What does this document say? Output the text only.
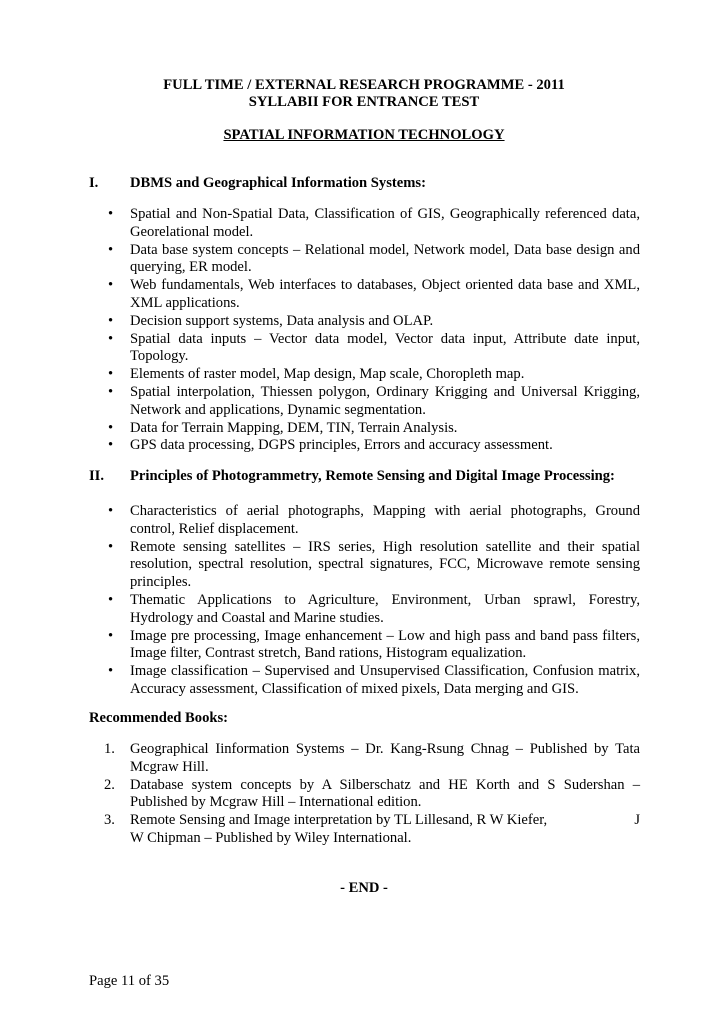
FULL TIME / EXTERNAL RESEARCH PROGRAMME - 2011
SYLLABII FOR ENTRANCE TEST
SPATIAL INFORMATION TECHNOLOGY
I. DBMS and Geographical Information Systems:
• Spatial and Non-Spatial Data, Classification of GIS, Geographically referenced data, Georelational model.
• Data base system concepts – Relational model, Network model, Data base design and querying, ER model.
• Web fundamentals, Web interfaces to databases, Object oriented data base and XML, XML applications.
• Decision support systems, Data analysis and OLAP.
• Spatial data inputs – Vector data model, Vector data input, Attribute date input, Topology.
• Elements of raster model, Map design, Map scale, Choropleth map.
• Spatial interpolation, Thiessen polygon, Ordinary Krigging and Universal Krigging, Network and applications, Dynamic segmentation.
• Data for Terrain Mapping, DEM, TIN, Terrain Analysis.
• GPS data processing, DGPS principles, Errors and accuracy assessment.
II. Principles of Photogrammetry, Remote Sensing and Digital Image Processing:
• Characteristics of aerial photographs, Mapping with aerial photographs, Ground control, Relief displacement.
• Remote sensing satellites – IRS series, High resolution satellite and their spatial resolution, spectral resolution, spectral signatures, FCC, Microwave remote sensing principles.
• Thematic Applications to Agriculture, Environment, Urban sprawl, Forestry, Hydrology and Coastal and Marine studies.
• Image pre processing, Image enhancement – Low and high pass and band pass filters, Image filter, Contrast stretch, Band rations, Histogram equalization.
• Image classification – Supervised and Unsupervised Classification, Confusion matrix, Accuracy assessment, Classification of mixed pixels, Data merging and GIS.
Recommended Books:
1. Geographical Iinformation Systems – Dr. Kang-Rsung Chnag – Published by Tata Mcgraw Hill.
2. Database system concepts by A Silberschatz and HE Korth and S Sudershan – Published by Mcgraw Hill – International edition.
3. Remote Sensing and Image interpretation by TL Lillesand, R W Kiefer,	J
W Chipman – Published by Wiley International.
- END -
Page 11 of 35
